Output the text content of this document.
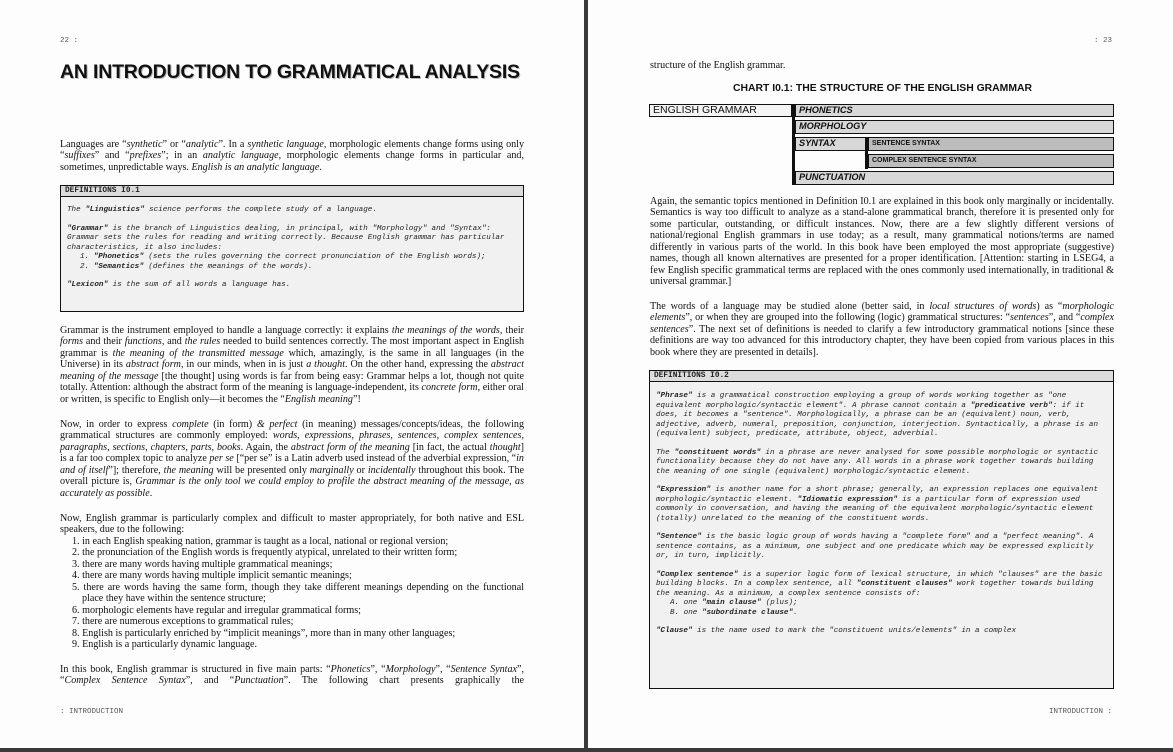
22 :
AN INTRODUCTION TO GRAMMATICAL ANALYSIS

Languages are “synthetic” or “analytic”. In a synthetic language, morphologic elements change forms using only “suffixes” and “prefixes”; in an analytic language, morphologic elements change forms in particular and, sometimes, unpredictable ways. English is an analytic language.

DEFINITIONS I0.1

The "Linguistics" science performs the complete study of a language.

"Grammar" is the branch of Linguistics dealing, in principal, with "Morphology" and "Syntax": Grammar sets the rules for reading and writing correctly. Because English grammar has particular characteristics, it also includes:

1. "Phonetics" (sets the rules governing the correct pronunciation of the English words);

2. "Semantics" (defines the meanings of the words).

"Lexicon" is the sum of all words a language has.

Grammar is the instrument employed to handle a language correctly: it explains the meanings of the words, their forms and their functions, and the rules needed to build sentences correctly. The most important aspect in English grammar is the meaning of the transmitted message which, amazingly, is the same in all languages (in the Universe) in its abstract form, in our minds, when in is just a thought. On the other hand, expressing the abstract meaning of the message [the thought] using words is far from being easy: Grammar helps a lot, though not quite totally. Attention: although the abstract form of the meaning is language-independent, its concrete form, either oral or written, is specific to English only—it becomes the “English meaning”!

Now, in order to express complete (in form) & perfect (in meaning) messages/concepts/ideas, the following grammatical structures are commonly employed: words, expressions, phrases, sentences, complex sentences, paragraphs, sections, chapters, parts, books. Again, the abstract form of the meaning [in fact, the actual thought] is a far too complex topic to analyze per se [“per se” is a Latin adverb used instead of the adverbial expression, “in and of itself”]; therefore, the meaning will be presented only marginally or incidentally throughout this book. The overall picture is, Grammar is the only tool we could employ to profile the abstract meaning of the message, as accurately as possible.

Now, English grammar is particularly complex and difficult to master appropriately, for both native and ESL speakers, due to the following:
1. in each English speaking nation, grammar is taught as a local, national or regional version;
2. the pronunciation of the English words is frequently atypical, unrelated to their written form;
3. there are many words having multiple grammatical meanings;
4. there are many words having multiple implicit semantic meanings;
5. there are words having the same form, though they take different meanings depending on the functional place they have within the sentence structure;
6. morphologic elements have regular and irregular grammatical forms;
7. there are numerous exceptions to grammatical rules;
8. English is particularly enriched by “implicit meanings”, more than in many other languages;
9. English is a particularly dynamic language.

In this book, English grammar is structured in five main parts: “Phonetics”, “Morphology”, “Sentence Syntax”, “Complex Sentence Syntax”, and “Punctuation”. The following chart presents graphically the

: INTRODUCTION
: 23

structure of the English grammar.

INTRODUCTION :
CHART I0.1: THE STRUCTURE OF THE ENGLISH GRAMMAR
ENGLISH GRAMMAR	PHONETICS
MORPHOLOGY
SYNTAX	SENTENCE SYNTAX
COMPLEX SENTENCE SYNTAX
PUNCTUATION

Again, the semantic topics mentioned in Definition I0.1 are explained in this book only marginally or incidentally. Semantics is way too difficult to analyze as a stand-alone grammatical branch, therefore it is presented only for some particular, outstanding, or difficult instances. Now, there are a few slightly different versions of national/regional English grammars in use today; as a result, many grammatical notions/terms are named differently in various parts of the world. In this book have been employed the most appropriate (suggestive) names, though all known alternatives are presented for a proper identification. [Attention: starting in LSEG4, a few English specific grammatical terms are replaced with the ones commonly used internationally, in traditional & universal grammar.]

The words of a language may be studied alone (better said, in local structures of words) as “morphologic elements”, or when they are grouped into the following (logic) grammatical structures: “sentences”, and “complex sentences”. The next set of definitions is needed to clarify a few introductory grammatical notions [since these definitions are way too advanced for this introductory chapter, they have been copied from various places in this book where they are presented in details].

DEFINITIONS I0.2

"Phrase" is a grammatical construction employing a group of words working together as "one equivalent morphologic/syntactic element". A phrase cannot contain a "predicative verb": if it does, it becomes a "sentence". Morphologically, a phrase can be an (equivalent) noun, verb, adjective, adverb, numeral, preposition, conjunction, interjection. Syntactically, a phrase is an (equivalent) subject, predicate, attribute, object, adverbial.

The "constituent words" in a phrase are never analysed for some possible morphologic or syntactic functionality because they do not have any. All words in a phrase work together towards building the meaning of one single (equivalent) morphologic/syntactic element.

"Expression" is another name for a short phrase; generally, an expression replaces one equivalent morphologic/syntactic element. "Idiomatic expression" is a particular form of expression used commonly in conversation, and having the meaning of the equivalent morphologic/syntactic element (totally) unrelated to the meaning of the constituent words.

"Sentence" is the basic logic group of words having a "complete form" and a "perfect meaning". A sentence contains, as a minimum, one subject and one predicate which may be expressed explicitly or, in turn, implicitly.

"Complex sentence" is a superior logic form of lexical structure, in which "clauses" are the basic building blocks. In a complex sentence, all "constituent clauses" work together towards building the meaning. As a minimum, a complex sentence consists of:

A. one "main clause" (plus);

B. one "subordinate clause".

"Clause" is the name used to mark the "constituent units/elements" in a complex
